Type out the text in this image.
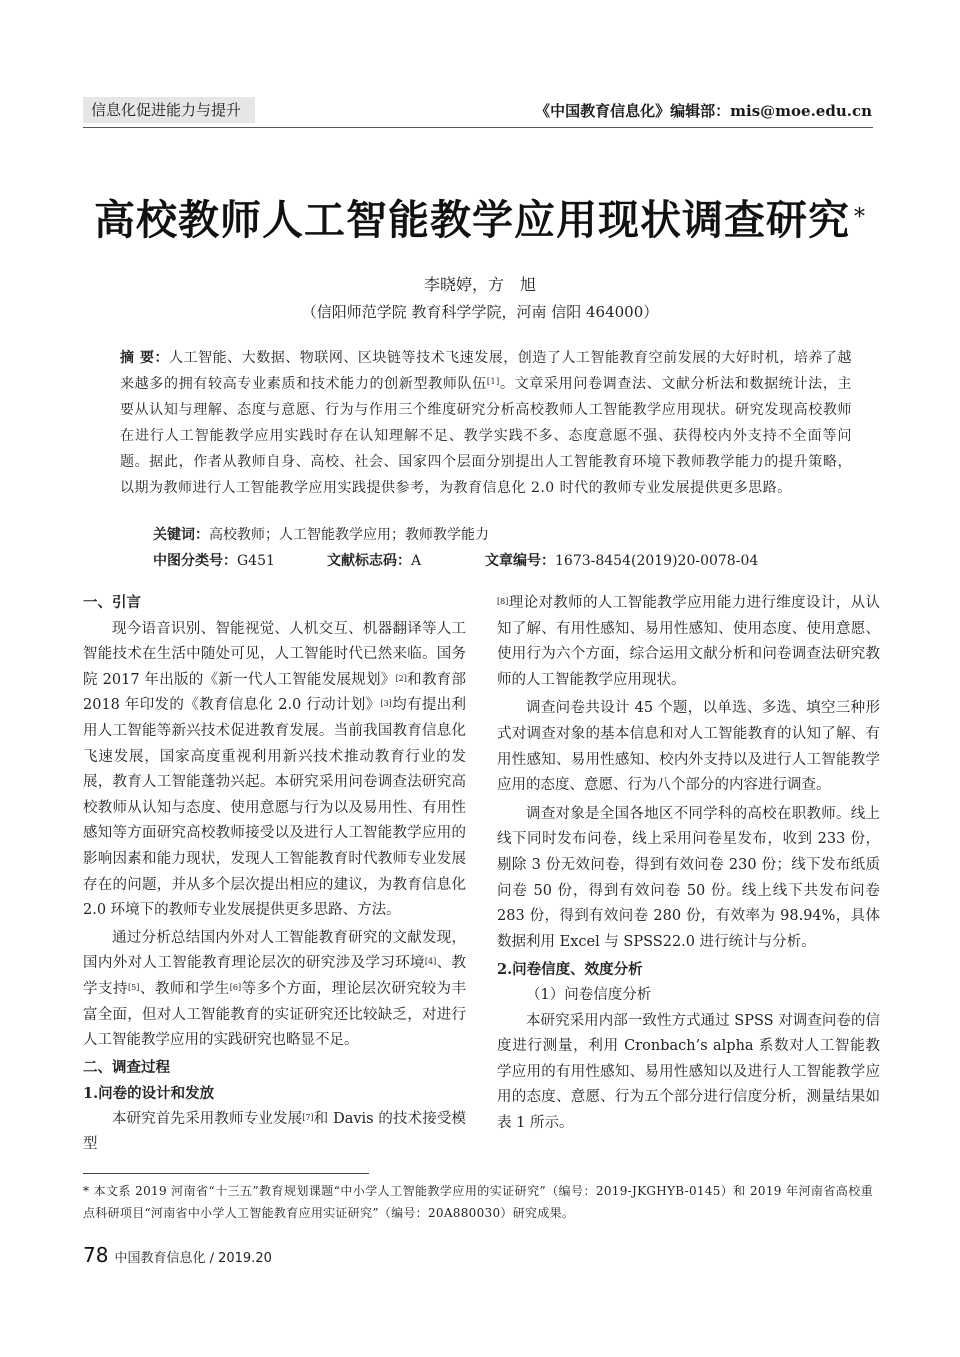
信息化促进能力与提升	《中国教育信息化》编辑部：mis@moe.edu.cn
高校教师人工智能教学应用现状调查研究 *
李晓婷，方　旭
（信阳师范学院 教育科学学院，河南 信阳 464000）
摘 要：人工智能、大数据、物联网、区块链等技术飞速发展，创造了人工智能教育空前发展的大好时机，培养了越来越多的拥有较高专业素质和技术能力的创新型教师队伍[1]。文章采用问卷调查法、文献分析法和数据统计法，主要从认知与理解、态度与意愿、行为与作用三个维度研究分析高校教师人工智能教学应用现状。研究发现高校教师在进行人工智能教学应用实践时存在认知理解不足、教学实践不多、态度意愿不强、获得校内外支持不全面等问题。据此，作者从教师自身、高校、社会、国家四个层面分别提出人工智能教育环境下教师教学能力的提升策略，以期为教师进行人工智能教学应用实践提供参考，为教育信息化 2.0 时代的教师专业发展提供更多思路。
关键词：高校教师；人工智能教学应用；教师教学能力
中图分类号：G451	文献标志码：A	文章编号：1673-8454(2019)20-0078-04

一、引言

现今语音识别、智能视觉、人机交互、机器翻译等人工智能技术在生活中随处可见，人工智能时代已然来临。国务院 2017 年出版的《新一代人工智能发展规划》[2]和教育部 2018 年印发的《教育信息化 2.0 行动计划》[3]均有提出利用人工智能等新兴技术促进教育发展。当前我国教育信息化飞速发展，国家高度重视利用新兴技术推动教育行业的发展，教育人工智能蓬勃兴起。本研究采用问卷调查法研究高校教师从认知与态度、使用意愿与行为以及易用性、有用性感知等方面研究高校教师接受以及进行人工智能教学应用的影响因素和能力现状，发现人工智能教育时代教师专业发展存在的问题，并从多个层次提出相应的建议，为教育信息化 2.0 环境下的教师专业发展提供更多思路、方法。

通过分析总结国内外对人工智能教育研究的文献发现，国内外对人工智能教育理论层次的研究涉及学习环境[4]、教学支持[5]、教师和学生[6]等多个方面，理论层次研究较为丰富全面，但对人工智能教育的实证研究还比较缺乏，对进行人工智能教学应用的实践研究也略显不足。

二、调查过程

1.问卷的设计和发放

本研究首先采用教师专业发展[7]和 Davis 的技术接受模型

[8]理论对教师的人工智能教学应用能力进行维度设计，从认知了解、有用性感知、易用性感知、使用态度、使用意愿、使用行为六个方面，综合运用文献分析和问卷调查法研究教师的人工智能教学应用现状。

调查问卷共设计 45 个题，以单选、多选、填空三种形式对调查对象的基本信息和对人工智能教育的认知了解、有用性感知、易用性感知、校内外支持以及进行人工智能教学应用的态度、意愿、行为八个部分的内容进行调查。

调查对象是全国各地区不同学科的高校在职教师。线上线下同时发布问卷，线上采用问卷星发布，收到 233 份，剔除 3 份无效问卷，得到有效问卷 230 份；线下发布纸质问卷 50 份，得到有效问卷 50 份。线上线下共发布问卷 283 份，得到有效问卷 280 份，有效率为 98.94%，具体数据利用 Excel 与 SPSS22.0 进行统计与分析。

2.问卷信度、效度分析

（1）问卷信度分析

本研究采用内部一致性方式通过 SPSS 对调查问卷的信度进行测量，利用 Cronbach’s alpha 系数对人工智能教学应用的有用性感知、易用性感知以及进行人工智能教学应用的态度、意愿、行为五个部分进行信度分析，测量结果如表 1 所示。

* 本文系 2019 河南省“十三五”教育规划课题“中小学人工智能教学应用的实证研究”（编号：2019-JKGHYB-0145）和 2019 年河南省高校重点科研项目“河南省中小学人工智能教育应用实证研究”（编号：20A880030）研究成果。
78 中国教育信息化 ∕ 2019.20
